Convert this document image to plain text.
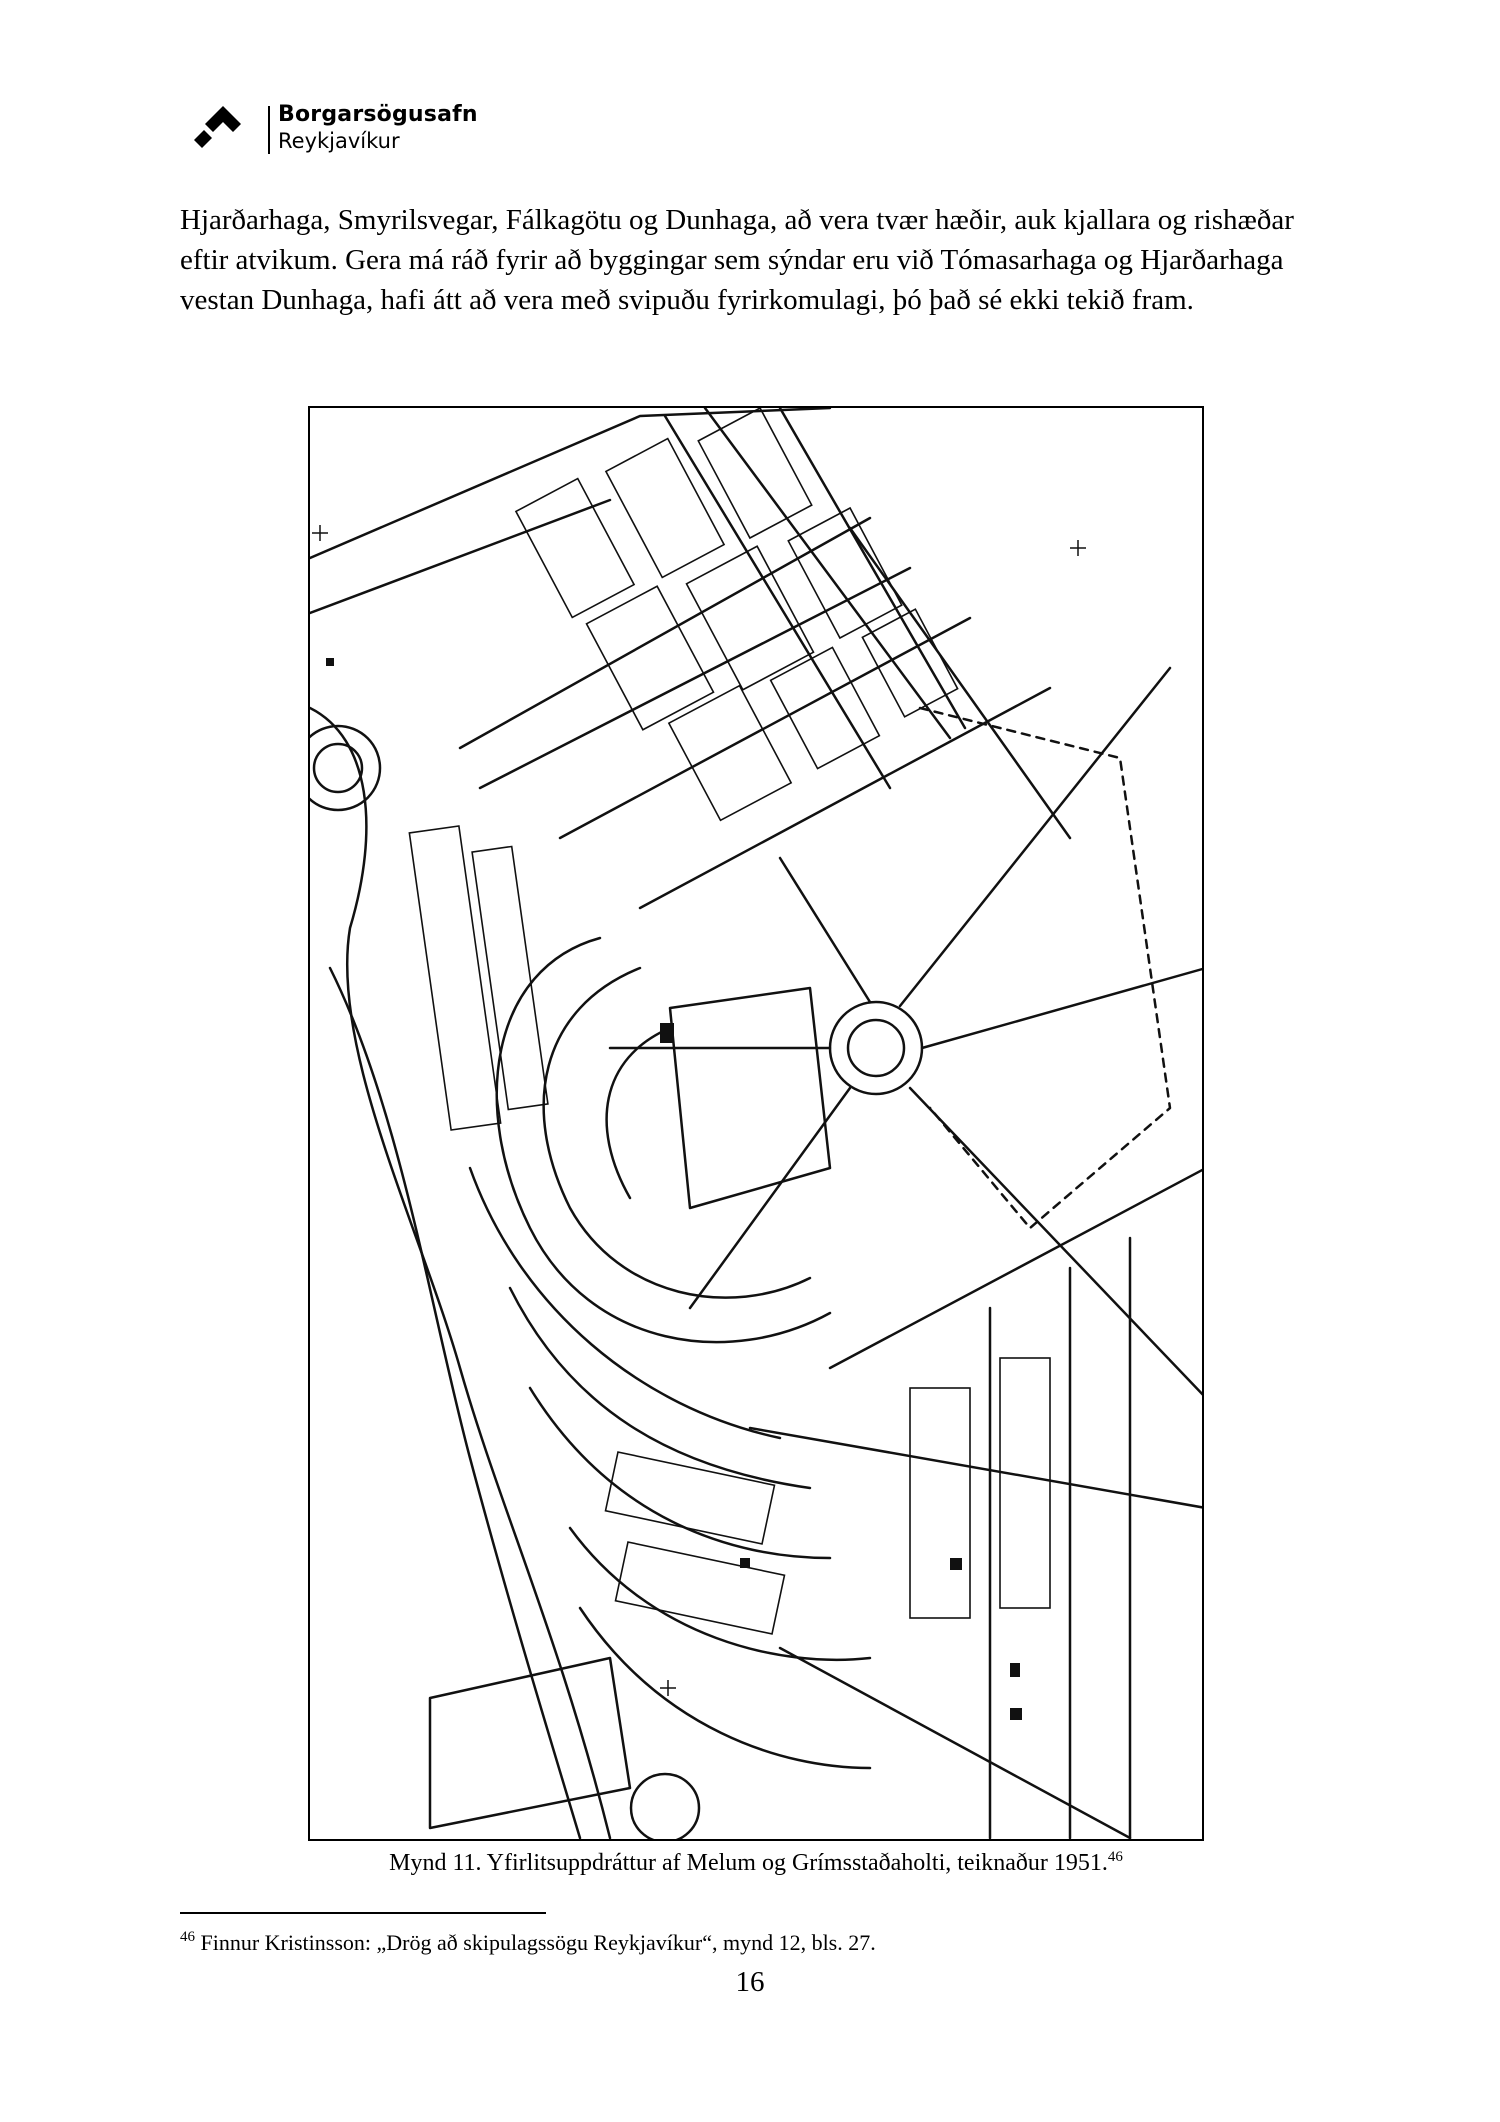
Borgarsögusafn
Reykjavíkur

Hjarðarhaga, Smyrilsvegar, Fálkagötu og Dunhaga, að vera tvær hæðir, auk kjallara og rishæðar eftir atvikum. Gera má ráð fyrir að byggingar sem sýndar eru við Tómasarhaga og Hjarðarhaga vestan Dunhaga, hafi átt að vera með svipuðu fyrirkomulagi, þó það sé ekki tekið fram.

Mynd 11. Yfirlitsuppdráttur af Melum og Grímsstaðaholti, teiknaður 1951.46
$^{46}$ Finnur Kristinsson: „Drög að skipulagssögu Reykjavíkur“, mynd 12, bls. 27.
16
